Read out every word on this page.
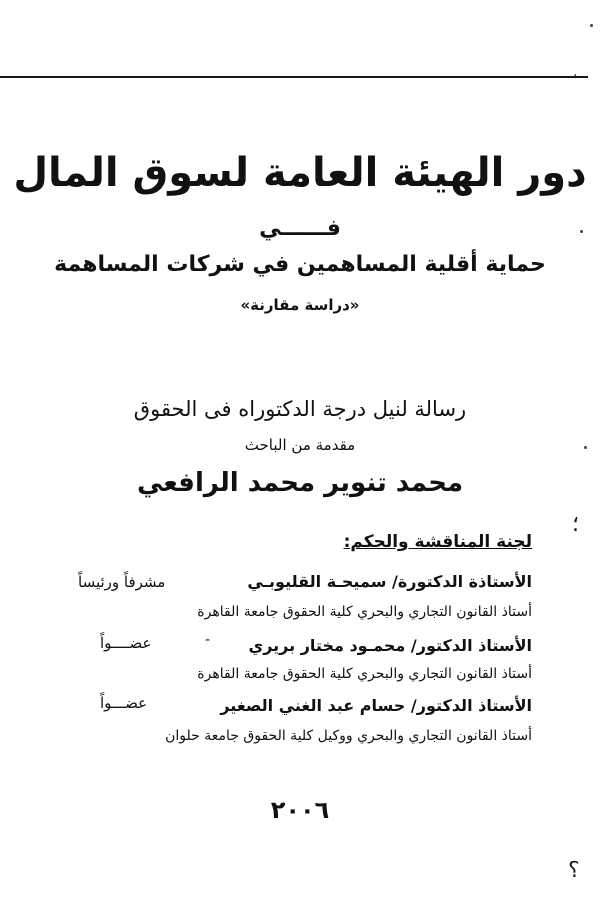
.
دور الهيئة العامة لسوق المال
فــــــي
حماية أقلية المساهمين في شركات المساهمة
«دراسة مقارنة»
رسالة لنيل درجة الدكتوراه فى الحقوق
مقدمة من الباحث
محمد تنوير محمد الرافعي
؛
لجنة المناقشة والحكم:
الأستاذة الدكتورة/ سميحـة القليوبـي
مشرفاً ورئيساً
أستاذ القانون التجاري والبحري كلية الحقوق جامعة القاهرة
الأستاذ الدكتور/ محمـود مختار بريري
-
عضــــواً
أستاذ القانون التجاري والبحري كلية الحقوق جامعة القاهرة
الأستاذ الدكتور/ حسام عبد الغني الصغير
عضـــواً
أستاذ القانون التجاري والبحري ووكيل كلية الحقوق جامعة حلوان
٢٠٠٦
؟
